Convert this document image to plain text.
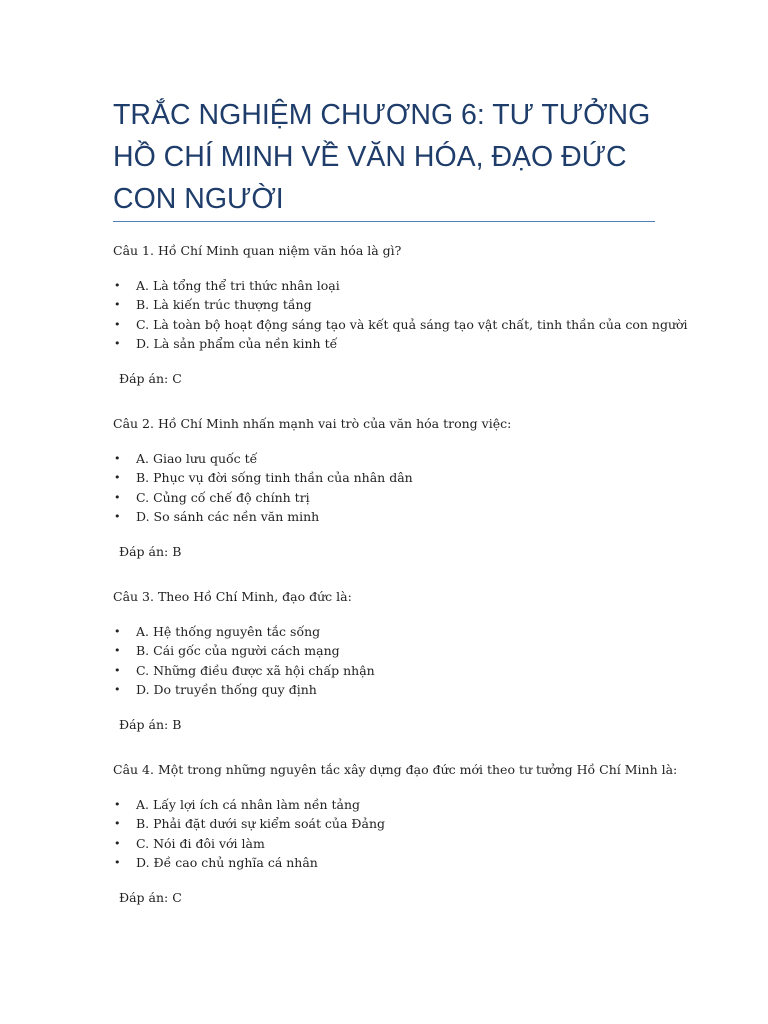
TRẮC NGHIỆM CHƯƠNG 6: TƯ TƯỞNG HỒ CHÍ MINH VỀ VĂN HÓA, ĐẠO ĐỨC CON NGƯỜI

Câu 1. Hồ Chí Minh quan niệm văn hóa là gì?

• A. Là tổng thể tri thức nhân loại
• B. Là kiến trúc thượng tầng
• C. Là toàn bộ hoạt động sáng tạo và kết quả sáng tạo vật chất, tinh thần của con người
• D. Là sản phẩm của nền kinh tế

Đáp án: C

Câu 2. Hồ Chí Minh nhấn mạnh vai trò của văn hóa trong việc:

• A. Giao lưu quốc tế
• B. Phục vụ đời sống tinh thần của nhân dân
• C. Củng cố chế độ chính trị
• D. So sánh các nền văn minh

Đáp án: B

Câu 3. Theo Hồ Chí Minh, đạo đức là:

• A. Hệ thống nguyên tắc sống
• B. Cái gốc của người cách mạng
• C. Những điều được xã hội chấp nhận
• D. Do truyền thống quy định

Đáp án: B

Câu 4. Một trong những nguyên tắc xây dựng đạo đức mới theo tư tưởng Hồ Chí Minh là:

• A. Lấy lợi ích cá nhân làm nền tảng
• B. Phải đặt dưới sự kiểm soát của Đảng
• C. Nói đi đôi với làm
• D. Đề cao chủ nghĩa cá nhân

Đáp án: C
